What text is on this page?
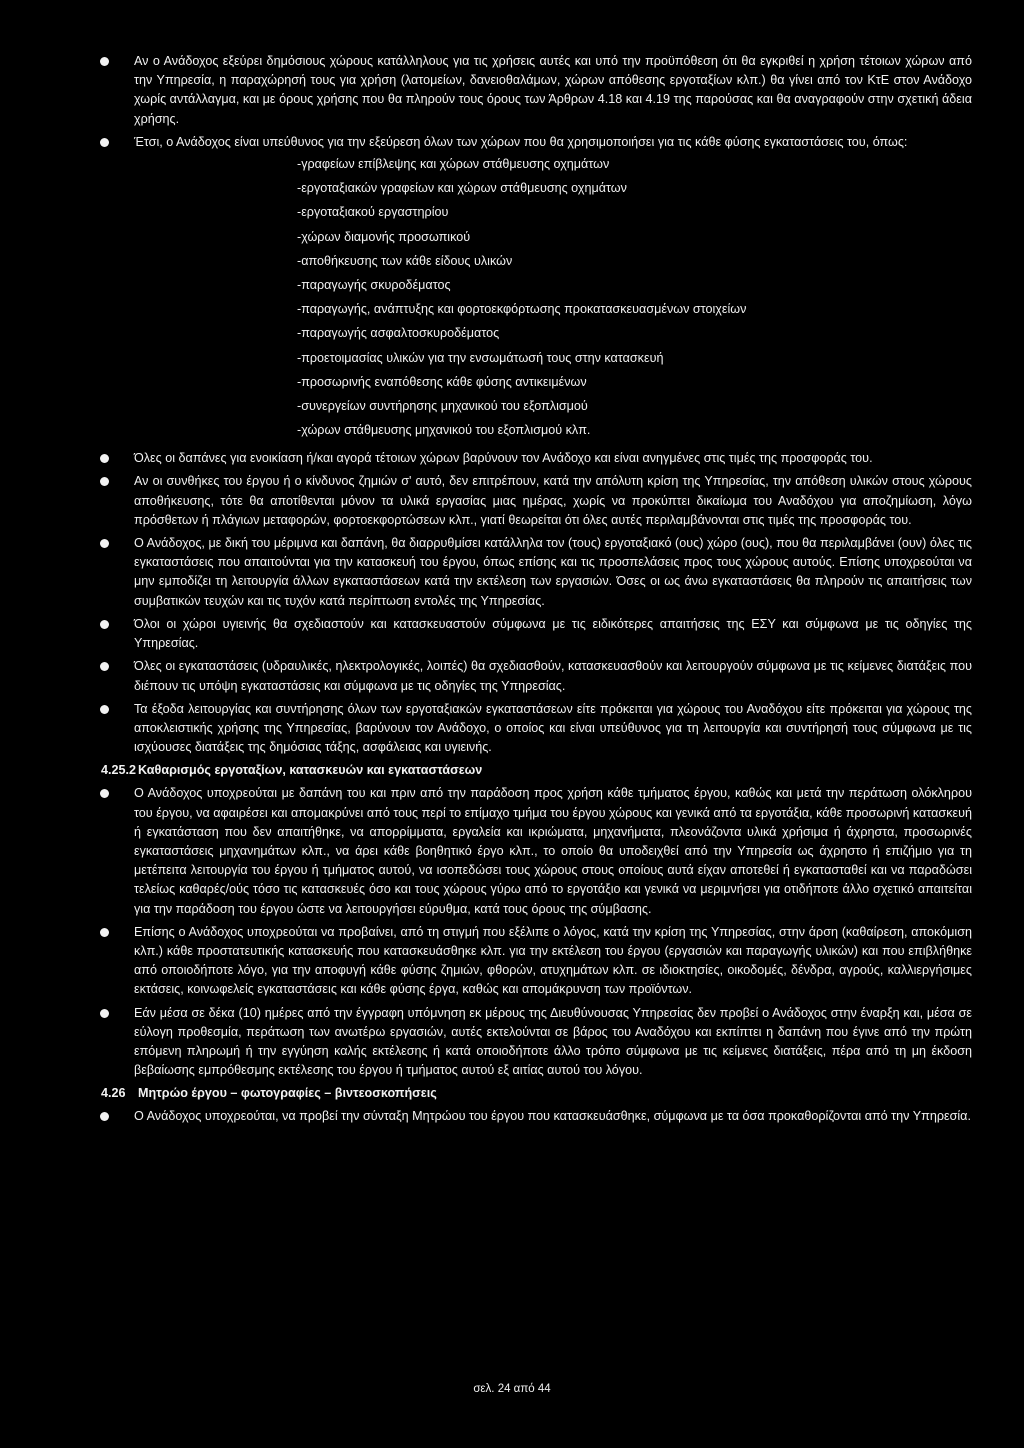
Αν ο Ανάδοχος εξεύρει δημόσιους χώρους κατάλληλους για τις χρήσεις αυτές και υπό την προϋπόθεση ότι θα εγκριθεί η χρήση τέτοιων χώρων από την Υπηρεσία, η παραχώρησή τους για χρήση (λατομείων, δανειοθαλάμων, χώρων απόθεσης εργοταξίων κλπ.) θα γίνει από τον ΚτΕ στον Ανάδοχο χωρίς αντάλλαγμα, και με όρους χρήσης που θα πληρούν τους όρους των Άρθρων 4.18 και 4.19 της παρούσας και θα αναγραφούν στην σχετική άδεια χρήσης.
Έτσι, ο Ανάδοχος είναι υπεύθυνος για την εξεύρεση όλων των χώρων που θα χρησιμοποιήσει για τις κάθε φύσης εγκαταστάσεις του, όπως:
-γραφείων επίβλεψης και χώρων στάθμευσης οχημάτων
-εργοταξιακών γραφείων και χώρων στάθμευσης οχημάτων
-εργοταξιακού εργαστηρίου
-χώρων διαμονής προσωπικού
-αποθήκευσης των κάθε είδους υλικών
-παραγωγής σκυροδέματος
-παραγωγής, ανάπτυξης και φορτοεκφόρτωσης προκατασκευασμένων στοιχείων
-παραγωγής ασφαλτοσκυροδέματος
-προετοιμασίας υλικών για την ενσωμάτωσή τους στην κατασκευή
-προσωρινής εναπόθεσης κάθε φύσης αντικειμένων
-συνεργείων συντήρησης μηχανικού του εξοπλισμού
-χώρων στάθμευσης μηχανικού του εξοπλισμού κλπ.
Όλες οι δαπάνες για ενοικίαση ή/και αγορά τέτοιων χώρων βαρύνουν τον Ανάδοχο και είναι ανηγμένες στις τιμές της προσφοράς του.
Αν οι συνθήκες του έργου ή ο κίνδυνος ζημιών σ' αυτό, δεν επιτρέπουν, κατά την απόλυτη κρίση της Υπηρεσίας, την απόθεση υλικών στους χώρους αποθήκευσης, τότε θα αποτίθενται μόνον τα υλικά εργασίας μιας ημέρας, χωρίς να προκύπτει δικαίωμα του Αναδόχου για αποζημίωση, λόγω πρόσθετων ή πλάγιων μεταφορών, φορτοεκφορτώσεων κλπ., γιατί θεωρείται ότι όλες αυτές περιλαμβάνονται στις τιμές της προσφοράς του.
Ο Ανάδοχος, με δική του μέριμνα και δαπάνη, θα διαρρυθμίσει κατάλληλα τον (τους) εργοταξιακό (ους) χώρο (ους), που θα περιλαμβάνει (ουν) όλες τις εγκαταστάσεις που απαιτούνται για την κατασκευή του έργου, όπως επίσης και τις προσπελάσεις προς τους χώρους αυτούς. Επίσης υποχρεούται να μην εμποδίζει τη λειτουργία άλλων εγκαταστάσεων κατά την εκτέλεση των εργασιών. Όσες οι ως άνω εγκαταστάσεις θα πληρούν τις απαιτήσεις των συμβατικών τευχών και τις τυχόν κατά περίπτωση εντολές της Υπηρεσίας.
Όλοι οι χώροι υγιεινής θα σχεδιαστούν και κατασκευαστούν σύμφωνα με τις ειδικότερες απαιτήσεις της ΕΣΥ και σύμφωνα με τις οδηγίες της Υπηρεσίας.
Όλες οι εγκαταστάσεις (υδραυλικές, ηλεκτρολογικές, λοιπές) θα σχεδιασθούν, κατασκευασθούν και λειτουργούν σύμφωνα με τις κείμενες διατάξεις που διέπουν τις υπόψη εγκαταστάσεις και σύμφωνα με τις οδηγίες της Υπηρεσίας.
Τα έξοδα λειτουργίας και συντήρησης όλων των εργοταξιακών εγκαταστάσεων είτε πρόκειται για χώρους του Αναδόχου είτε πρόκειται για χώρους της αποκλειστικής χρήσης της Υπηρεσίας, βαρύνουν τον Ανάδοχο, ο οποίος και είναι υπεύθυνος για τη λειτουργία και συντήρησή τους σύμφωνα με τις ισχύουσες διατάξεις της δημόσιας τάξης, ασφάλειας και υγιεινής.
4.25.2 Καθαρισμός εργοταξίων, κατασκευών και εγκαταστάσεων
Ο Ανάδοχος υποχρεούται με δαπάνη του και πριν από την παράδοση προς χρήση κάθε τμήματος έργου, καθώς και μετά την περάτωση ολόκληρου του έργου, να αφαιρέσει και απομακρύνει από τους περί το επίμαχο τμήμα του έργου χώρους και γενικά από τα εργοτάξια, κάθε προσωρινή κατασκευή ή εγκατάσταση που δεν απαιτήθηκε, να απορρίμματα, εργαλεία και ικριώματα, μηχανήματα, πλεονάζοντα υλικά χρήσιμα ή άχρηστα, προσωρινές εγκαταστάσεις μηχανημάτων κλπ., να άρει κάθε βοηθητικό έργο κλπ., το οποίο θα υποδειχθεί από την Υπηρεσία ως άχρηστο ή επιζήμιο για τη μετέπειτα λειτουργία του έργου ή τμήματος αυτού, να ισοπεδώσει τους χώρους στους οποίους αυτά είχαν αποτεθεί ή εγκατασταθεί και να παραδώσει τελείως καθαρές/ούς τόσο τις κατασκευές όσο και τους χώρους γύρω από το εργοτάξιο και γενικά να μεριμνήσει για οτιδήποτε άλλο σχετικό απαιτείται για την παράδοση του έργου ώστε να λειτουργήσει εύρυθμα, κατά τους όρους της σύμβασης.
Επίσης ο Ανάδοχος υποχρεούται να προβαίνει, από τη στιγμή που εξέλιπε ο λόγος, κατά την κρίση της Υπηρεσίας, στην άρση (καθαίρεση, αποκόμιση κλπ.) κάθε προστατευτικής κατασκευής που κατασκευάσθηκε κλπ. για την εκτέλεση του έργου (εργασιών και παραγωγής υλικών) και που επιβλήθηκε από οποιοδήποτε λόγο, για την αποφυγή κάθε φύσης ζημιών, φθορών, ατυχημάτων κλπ. σε ιδιοκτησίες, οικοδομές, δένδρα, αγρούς, καλλιεργήσιμες εκτάσεις, κοινωφελείς εγκαταστάσεις και κάθε φύσης έργα, καθώς και απομάκρυνση των προϊόντων.
Εάν μέσα σε δέκα (10) ημέρες από την έγγραφη υπόμνηση εκ μέρους της Διευθύνουσας Υπηρεσίας δεν προβεί ο Ανάδοχος στην έναρξη και, μέσα σε εύλογη προθεσμία, περάτωση των ανωτέρω εργασιών, αυτές εκτελούνται σε βάρος του Αναδόχου και εκπίπτει η δαπάνη που έγινε από την πρώτη επόμενη πληρωμή ή την εγγύηση καλής εκτέλεσης ή κατά οποιοδήποτε άλλο τρόπο σύμφωνα με τις κείμενες διατάξεις, πέρα από τη μη έκδοση βεβαίωσης εμπρόθεσμης εκτέλεσης του έργου ή τμήματος αυτού εξ αιτίας αυτού του λόγου.
4.26 Μητρώο έργου – φωτογραφίες – βιντεοσκοπήσεις
Ο Ανάδοχος υποχρεούται, να προβεί την σύνταξη Μητρώου του έργου που κατασκευάσθηκε, σύμφωνα με τα όσα προκαθορίζονται από την Υπηρεσία.
σελ. 24 από 44
